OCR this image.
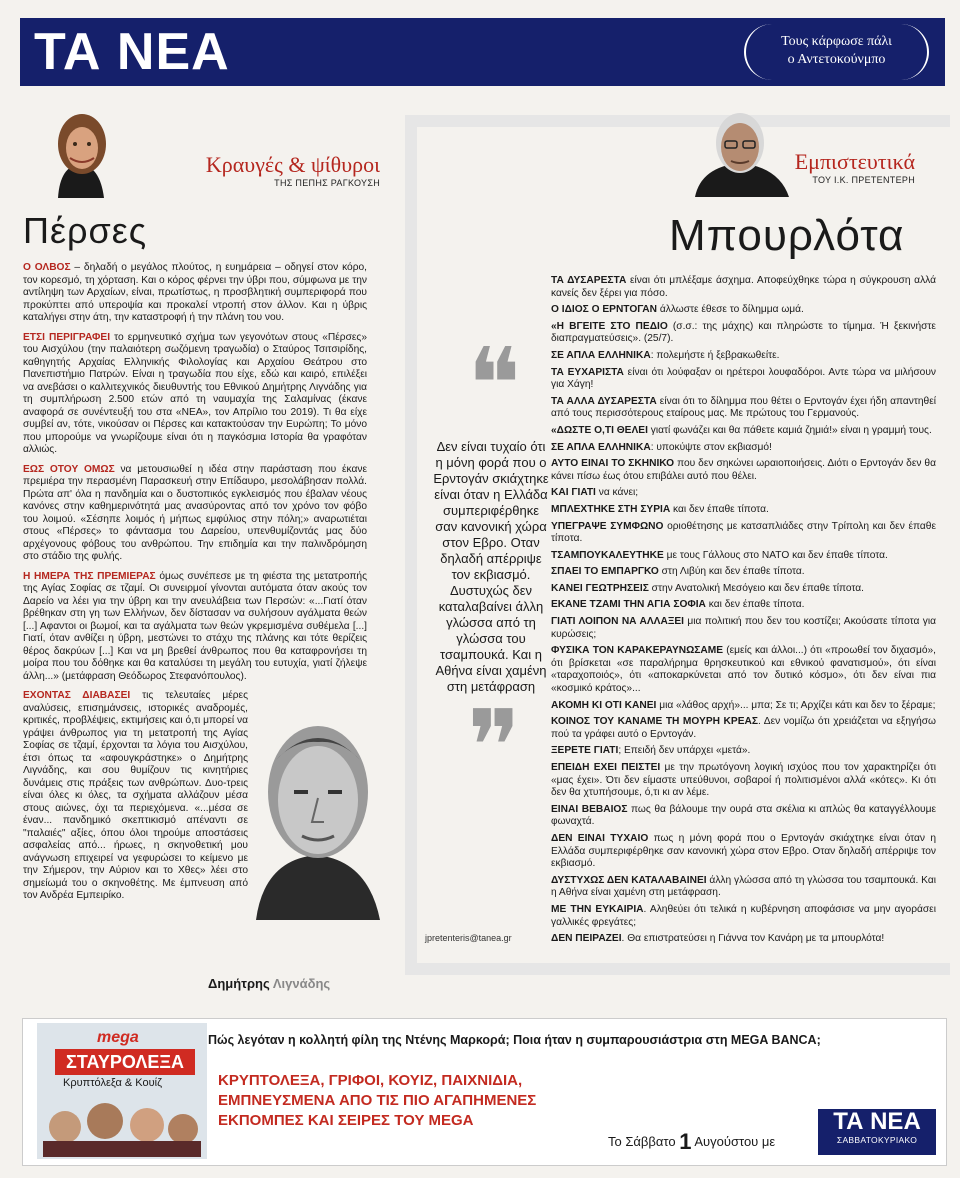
ΤΑ ΝΕΑ	Τους κάρφωσε πάλι
ο Αντετοκούνμπο
Κραυγές & ψίθυροι
ΤΗΣ ΠΕΠΗΣ ΡΑΓΚΟΥΣΗ
Πέρσες

Ο ΟΛΒΟΣ – δηλαδή ο μεγάλος πλούτος, η ευημάρεια – οδηγεί στον κόρο, τον κορεσμό, τη χόρταση. Και ο κόρος φέρνει την ύβρι που, σύμφωνα με την αντίληψη των Αρχαίων, είναι, πρωτίστως, η προσβλητική συμπεριφορά που προκύπτει από υπεροψία και προκαλεί ντροπή στον άλλον. Και η ύβρις καταλήγει στην άτη, την καταστροφή ή την πλάνη του νου.

ΕΤΣΙ ΠΕΡΙΓΡΑΦΕΙ το ερμηνευτικό σχήμα των γεγονότων στους «Πέρσες» του Αισχύλου (την παλαιότερη σωζόμενη τραγωδία) ο Σταύρος Τσιτσιρίδης, καθηγητής Αρχαίας Ελληνικής Φιλολογίας και Αρχαίου Θεάτρου στο Πανεπιστήμιο Πατρών. Είναι η τραγωδία που είχε, εδώ και καιρό, επιλέξει να ανεβάσει ο καλλιτεχνικός διευθυντής του Εθνικού Δημήτρης Λιγνάδης για τη συμπλήρωση 2.500 ετών από τη ναυμαχία της Σαλαμίνας (έκανε αναφορά σε συνέντευξή του στα «ΝΕΑ», τον Απρίλιο του 2019). Τι θα είχε συμβεί αν, τότε, νικούσαν οι Πέρσες και κατακτούσαν την Ευρώπη; Το μόνο που μπορούμε να γνωρίζουμε είναι ότι η παγκόσμια Ιστορία θα γραφόταν αλλιώς.

ΕΩΣ ΟΤΟΥ ΟΜΩΣ να μετουσιωθεί η ιδέα στην παράσταση που έκανε πρεμιέρα την περασμένη Παρασκευή στην Επίδαυρο, μεσολάβησαν πολλά. Πρώτα απ' όλα η πανδημία και ο δυστοπικός εγκλεισμός που έβαλαν νέους κανόνες στην καθημερινότητά μας ανασύροντας από τον χρόνο τον φόβο του λοιμού. «Σέσηπε λοιμός ή μήπως εμφύλιος στην πόλη;» αναρωτιέται στους «Πέρσες» το φάντασμα του Δαρείου, υπενθυμίζοντάς μας δύο αρχέγονους φόβους του ανθρώπου. Την επιδημία και την παλινδρόμηση στο στάδιο της φυλής.

Η ΗΜΕΡΑ ΤΗΣ ΠΡΕΜΙΕΡΑΣ όμως συνέπεσε με τη φιέστα της μετατροπής της Αγίας Σοφίας σε τζαμί. Οι συνειρμοί γίνονται αυτόματα όταν ακούς τον Δαρείο να λέει για την ύβρη και την ανευλάβεια των Περσών: «...Γιατί όταν βρέθηκαν στη γη των Ελλήνων, δεν δίστασαν να συλήσουν αγάλματα θεών [...] Αφαντοι οι βωμοί, και τα αγάλματα των θεών γκρεμισμένα συθέμελα [...] Γιατί, όταν ανθίζει η ύβρη, μεστώνει το στάχυ της πλάνης και τότε θερίζεις θέρος δακρύων [...] Και να μη βρεθεί άνθρωπος που θα καταφρονήσει τη μοίρα που του δόθηκε και θα καταλύσει τη μεγάλη του ευτυχία, γιατί ζήλεψε άλλη...» (μετάφραση Θεόδωρος Στεφανόπουλος).

ΕΧΟΝΤΑΣ ΔΙΑΒΑΣΕΙ τις τελευταίες μέρες αναλύσεις, επισημάνσεις, ιστορικές αναδρομές, κριτικές, προβλέψεις, εκτιμήσεις και ό,τι μπορεί να γράψει άνθρωπος για τη μετατροπή της Αγίας Σοφίας σε τζαμί, έρχονται τα λόγια του Αισχύλου, έτσι όπως τα «αφουγκράστηκε» ο Δημήτρης Λιγνάδης, και σου θυμίζουν τις κινητήριες δυνάμεις στις πράξεις των ανθρώπων. Δυο-τρεις είναι όλες κι όλες, τα σχήματα αλλάζουν μέσα στους αιώνες, όχι τα περιεχόμενα. «...μέσα σε έναν... πανδημικό σκεπτικισμό απέναντι σε "παλαιές" αξίες, όπου όλοι τηρούμε αποστάσεις ασφαλείας από... ήρωες, η σκηνοθετική μου ανάγνωση επιχειρεί να γεφυρώσει το κείμενο με την Σήμερον, την Αύριον και το Χθες» λέει στο σημείωμά του ο σκηνοθέτης. Με έμπνευση από τον Ανδρέα Εμπειρίκο.

Δημήτρης Λιγνάδης
Εμπιστευτικά
ΤΟΥ Ι.Κ. ΠΡΕΤΕΝΤΕΡΗ
Μπουρλότα
❝
Δεν είναι τυχαίο ότι η μόνη φορά που ο Ερντογάν σκιάχτηκε είναι όταν η Ελλάδα συμπεριφέρθηκε σαν κανονική χώρα στον Εβρο. Οταν δηλαδή απέρριψε τον εκβιασμό. Δυστυχώς δεν καταλαβαίνει άλλη γλώσσα από τη γλώσσα του τσαμπουκά. Και η Αθήνα είναι χαμένη στη μετάφραση
❞
jpretenteris@tanea.gr

ΤΑ ΔΥΣΑΡΕΣΤΑ είναι ότι μπλέξαμε άσχημα. Αποφεύχθηκε τώρα η σύγκρουση αλλά κανείς δεν ξέρει για πόσο.

Ο ΙΔΙΟΣ Ο ΕΡΝΤΟΓΑΝ άλλωστε έθεσε το δίλημμα ωμά.

«Η ΒΓΕΙΤΕ ΣΤΟ ΠΕΔΙΟ (σ.σ.: της μάχης) και πληρώστε το τίμημα. Ή ξεκινήστε διαπραγματεύσεις». (25/7).

ΣΕ ΑΠΛΑ ΕΛΛΗΝΙΚΑ: πολεμήστε ή ξεβρακωθείτε.

ΤΑ ΕΥΧΑΡΙΣΤΑ είναι ότι λούφαξαν οι ηρέτεροι λουφαδόροι. Αντε τώρα να μιλήσουν για Χάγη!

ΤΑ ΑΛΛΑ ΔΥΣΑΡΕΣΤΑ είναι ότι το δίλημμα που θέτει ο Ερντογάν έχει ήδη απαντηθεί από τους περισσότερους εταίρους μας. Με πρώτους του Γερμανούς.

«ΔΩΣΤΕ Ο,ΤΙ ΘΕΛΕΙ γιατί φωνάζει και θα πάθετε καμιά ζημιά!» είναι η γραμμή τους.

ΣΕ ΑΠΛΑ ΕΛΛΗΝΙΚΑ: υποκύψτε στον εκβιασμό!

ΑΥΤΟ ΕΙΝΑΙ ΤΟ ΣΚΗΝΙΚΟ που δεν σηκώνει ωραιοποιήσεις. Διότι ο Ερντογάν δεν θα κάνει πίσω έως ότου επιβάλει αυτό που θέλει.

ΚΑΙ ΓΙΑΤΙ να κάνει;

ΜΠΛΕΧΤΗΚΕ ΣΤΗ ΣΥΡΙΑ και δεν έπαθε τίποτα.

ΥΠΕΓΡΑΨΕ ΣΥΜΦΩΝΟ οριοθέτησης με κατσαπλιάδες στην Τρίπολη και δεν έπαθε τίποτα.

ΤΣΑΜΠΟΥΚΑΛΕΥΤΗΚΕ με τους Γάλλους στο ΝΑΤΟ και δεν έπαθε τίποτα.

ΣΠΑΕΙ ΤΟ ΕΜΠΑΡΓΚΟ στη Λιβύη και δεν έπαθε τίποτα.

ΚΑΝΕΙ ΓΕΩΤΡΗΣΕΙΣ στην Ανατολική Μεσόγειο και δεν έπαθε τίποτα.

ΕΚΑΝΕ ΤΖΑΜΙ ΤΗΝ ΑΓΙΑ ΣΟΦΙΑ και δεν έπαθε τίποτα.

ΓΙΑΤΙ ΛΟΙΠΟΝ ΝΑ ΑΛΛΑΞΕΙ μια πολιτική που δεν του κοστίζει; Ακούσατε τίποτα για κυρώσεις;

ΦΥΣΙΚΑ ΤΟΝ ΚΑΡΑΚΕΡΑΥΝΩΣΑΜΕ (εμείς και άλλοι...) ότι «προωθεί τον διχασμό», ότι βρίσκεται «σε παραλήρημα θρησκευτικού και εθνικού φανατισμού», ότι είναι «ταραχοποιός», ότι «αποκαρκύνεται από τον δυτικό κόσμο», ότι δεν είναι πια «κοσμικό κράτος»...

ΑΚΟΜΗ ΚΙ ΟΤΙ ΚΑΝΕΙ μια «λάθος αρχή»... μπα; Σε τι; Αρχίζει κάτι και δεν το ξέραμε;

ΚΟΙΝΟΣ ΤΟΥ ΚΑΝΑΜΕ ΤΗ ΜΟΥΡΗ ΚΡΕΑΣ. Δεν νομίζω ότι χρειάζεται να εξηγήσω πού τα γράφει αυτό ο Ερντογάν.

ΞΕΡΕΤΕ ΓΙΑΤΙ; Επειδή δεν υπάρχει «μετά».

ΕΠΕΙΔΗ ΕΧΕΙ ΠΕΙΣΤΕΙ με την πρωτόγονη λογική ισχύος που τον χαρακτηρίζει ότι «μας έχει». Ότι δεν είμαστε υπεύθυνοι, σοβαροί ή πολιτισμένοι αλλά «κότες». Κι ότι δεν θα χτυπήσουμε, ό,τι κι αν λέμε.

ΕΙΝΑΙ ΒΕΒΑΙΟΣ πως θα βάλουμε την ουρά στα σκέλια κι απλώς θα καταγγέλλουμε φωναχτά.

ΔΕΝ ΕΙΝΑΙ ΤΥΧΑΙΟ πως η μόνη φορά που ο Ερντογάν σκιάχτηκε είναι όταν η Ελλάδα συμπεριφέρθηκε σαν κανονική χώρα στον Εβρο. Οταν δηλαδή απέρριψε τον εκβιασμό.

ΔΥΣΤΥΧΩΣ ΔΕΝ ΚΑΤΑΛΑΒΑΙΝΕΙ άλλη γλώσσα από τη γλώσσα του τσαμπουκά. Και η Αθήνα είναι χαμένη στη μετάφραση.

ΜΕ ΤΗΝ ΕΥΚΑΙΡΙΑ. Αληθεύει ότι τελικά η κυβέρνηση αποφάσισε να μην αγοράσει γαλλικές φρεγάτες;

ΔΕΝ ΠΕΙΡΑΖΕΙ. Θα επιστρατεύσει η Γιάννα τον Κανάρη με τα μπουρλότα!

mega
ΣΤΑΥΡΟΛΕΞΑ
Κρυπτόλεξα & Κουίζ
Πώς λεγόταν η κολλητή φίλη της Ντένης Μαρκορά; Ποια ήταν η συμπαρουσιάστρια στη MEGA BANCA;
ΚΡΥΠΤΟΛΕΞΑ, ΓΡΙΦΟΙ, ΚΟΥΙΖ, ΠΑΙΧΝΙΔΙΑ,
ΕΜΠΝΕΥΣΜΕΝΑ ΑΠΟ ΤΙΣ ΠΙΟ ΑΓΑΠΗΜΕΝΕΣ
ΕΚΠΟΜΠΕΣ ΚΑΙ ΣΕΙΡΕΣ ΤΟΥ MEGA
Το Σάββατο 1 Αυγούστου με
ΤΑ ΝΕΑ
ΣΑΒΒΑΤΟΚΥΡΙΑΚΟ
